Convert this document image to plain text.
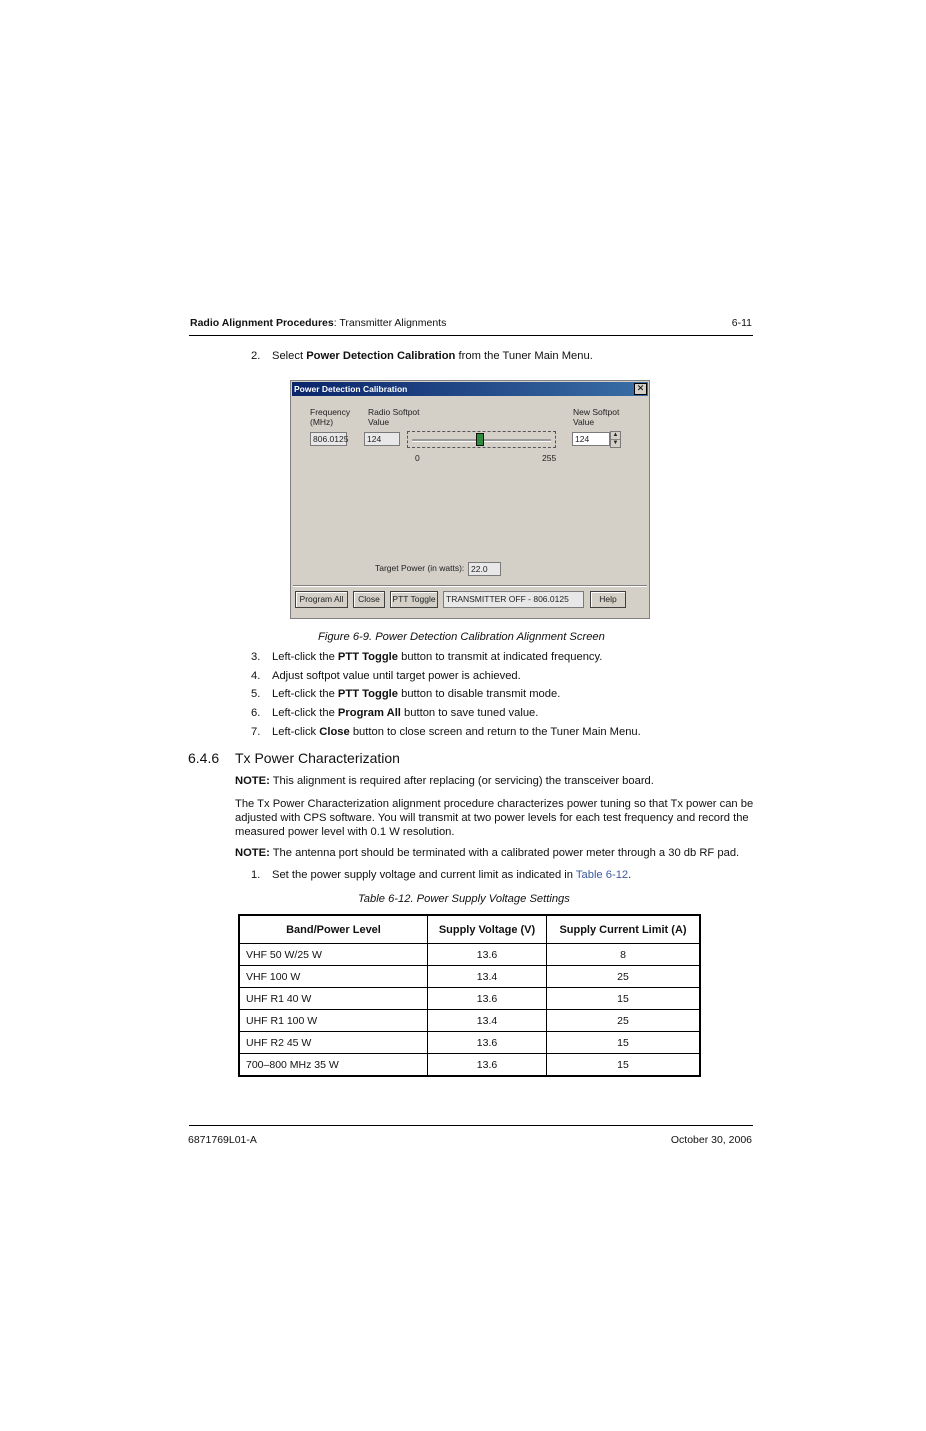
Radio Alignment Procedures: Transmitter Alignments	6-11
2. Select Power Detection Calibration from the Tuner Main Menu.
Power Detection Calibration	✕
Frequency
(MHz)
Radio Softpot
Value
New Softpot
Value
806.0125	124
0	255
124	▲
▼
Target Power (in watts): 22.0
Program All	Close	PTT Toggle	TRANSMITTER OFF - 806.0125	Help
Figure 6-9. Power Detection Calibration Alignment Screen
3. Left-click the PTT Toggle button to transmit at indicated frequency.
4. Adjust softpot value until target power is achieved.
5. Left-click the PTT Toggle button to disable transmit mode.
6. Left-click the Program All button to save tuned value.
7. Left-click Close button to close screen and return to the Tuner Main Menu.
6.4.6 Tx Power Characterization
NOTE: This alignment is required after replacing (or servicing) the transceiver board.
The Tx Power Characterization alignment procedure characterizes power tuning so that Tx power can be adjusted with CPS software. You will transmit at two power levels for each test frequency and record the measured power level with 0.1 W resolution.
NOTE: The antenna port should be terminated with a calibrated power meter through a 30 db RF pad.
1. Set the power supply voltage and current limit as indicated in Table 6-12.
Table 6-12. Power Supply Voltage Settings
Band/Power Level	Supply Voltage (V)	Supply Current Limit (A)
VHF 50 W/25 W	13.6	8
VHF 100 W	13.4	25
UHF R1 40 W	13.6	15
UHF R1 100 W	13.4	25
UHF R2 45 W	13.6	15
700–800 MHz 35 W	13.6	15
6871769L01-A	October 30, 2006
